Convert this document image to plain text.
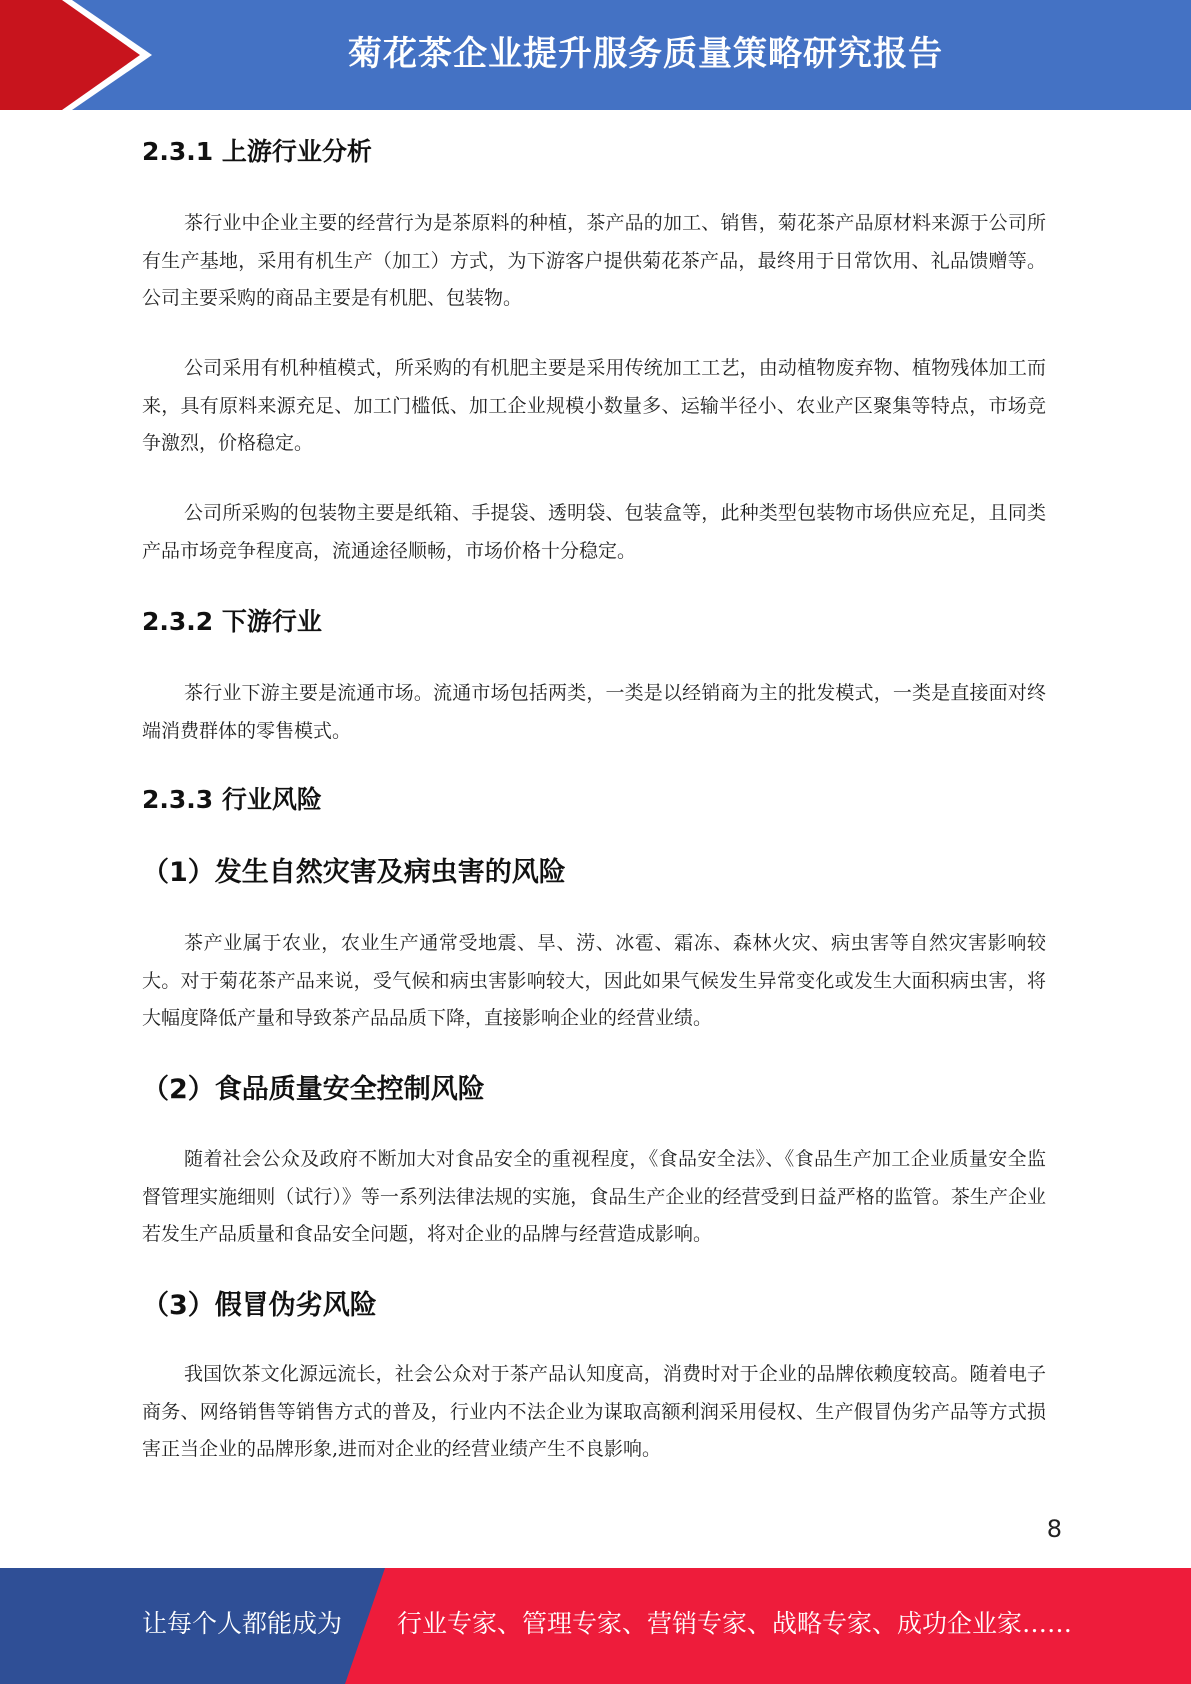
菊花茶企业提升服务质量策略研究报告
2.3.1 上游行业分析

茶行业中企业主要的经营行为是茶原料的种植，茶产品的加工、销售，菊花茶产品原材料来源于公司所有生产基地，采用有机生产（加工）方式，为下游客户提供菊花茶产品，最终用于日常饮用、礼品馈赠等。公司主要采购的商品主要是有机肥、包装物。

公司采用有机种植模式，所采购的有机肥主要是采用传统加工工艺，由动植物废弃物、植物残体加工而来，具有原料来源充足、加工门槛低、加工企业规模小数量多、运输半径小、农业产区聚集等特点，市场竞争激烈，价格稳定。

公司所采购的包装物主要是纸箱、手提袋、透明袋、包装盒等，此种类型包装物市场供应充足，且同类产品市场竞争程度高，流通途径顺畅，市场价格十分稳定。

2.3.2 下游行业

茶行业下游主要是流通市场。流通市场包括两类，一类是以经销商为主的批发模式，一类是直接面对终端消费群体的零售模式。

2.3.3 行业风险
（1）发生自然灾害及病虫害的风险

茶产业属于农业，农业生产通常受地震、旱、涝、冰雹、霜冻、森林火灾、病虫害等自然灾害影响较大。对于菊花茶产品来说，受气候和病虫害影响较大，因此如果气候发生异常变化或发生大面积病虫害，将大幅度降低产量和导致茶产品品质下降，直接影响企业的经营业绩。

（2）食品质量安全控制风险

随着社会公众及政府不断加大对食品安全的重视程度，《食品安全法》、《食品生产加工企业质量安全监督管理实施细则（试行）》等一系列法律法规的实施，食品生产企业的经营受到日益严格的监管。茶生产企业若发生产品质量和食品安全问题，将对企业的品牌与经营造成影响。

（3）假冒伪劣风险

我国饮茶文化源远流长，社会公众对于茶产品认知度高，消费时对于企业的品牌依赖度较高。随着电子商务、网络销售等销售方式的普及，行业内不法企业为谋取高额利润采用侵权、生产假冒伪劣产品等方式损害正当企业的品牌形象,进而对企业的经营业绩产生不良影响。

8
让每个人都能成为 行业专家、管理专家、营销专家、战略专家、成功企业家……
